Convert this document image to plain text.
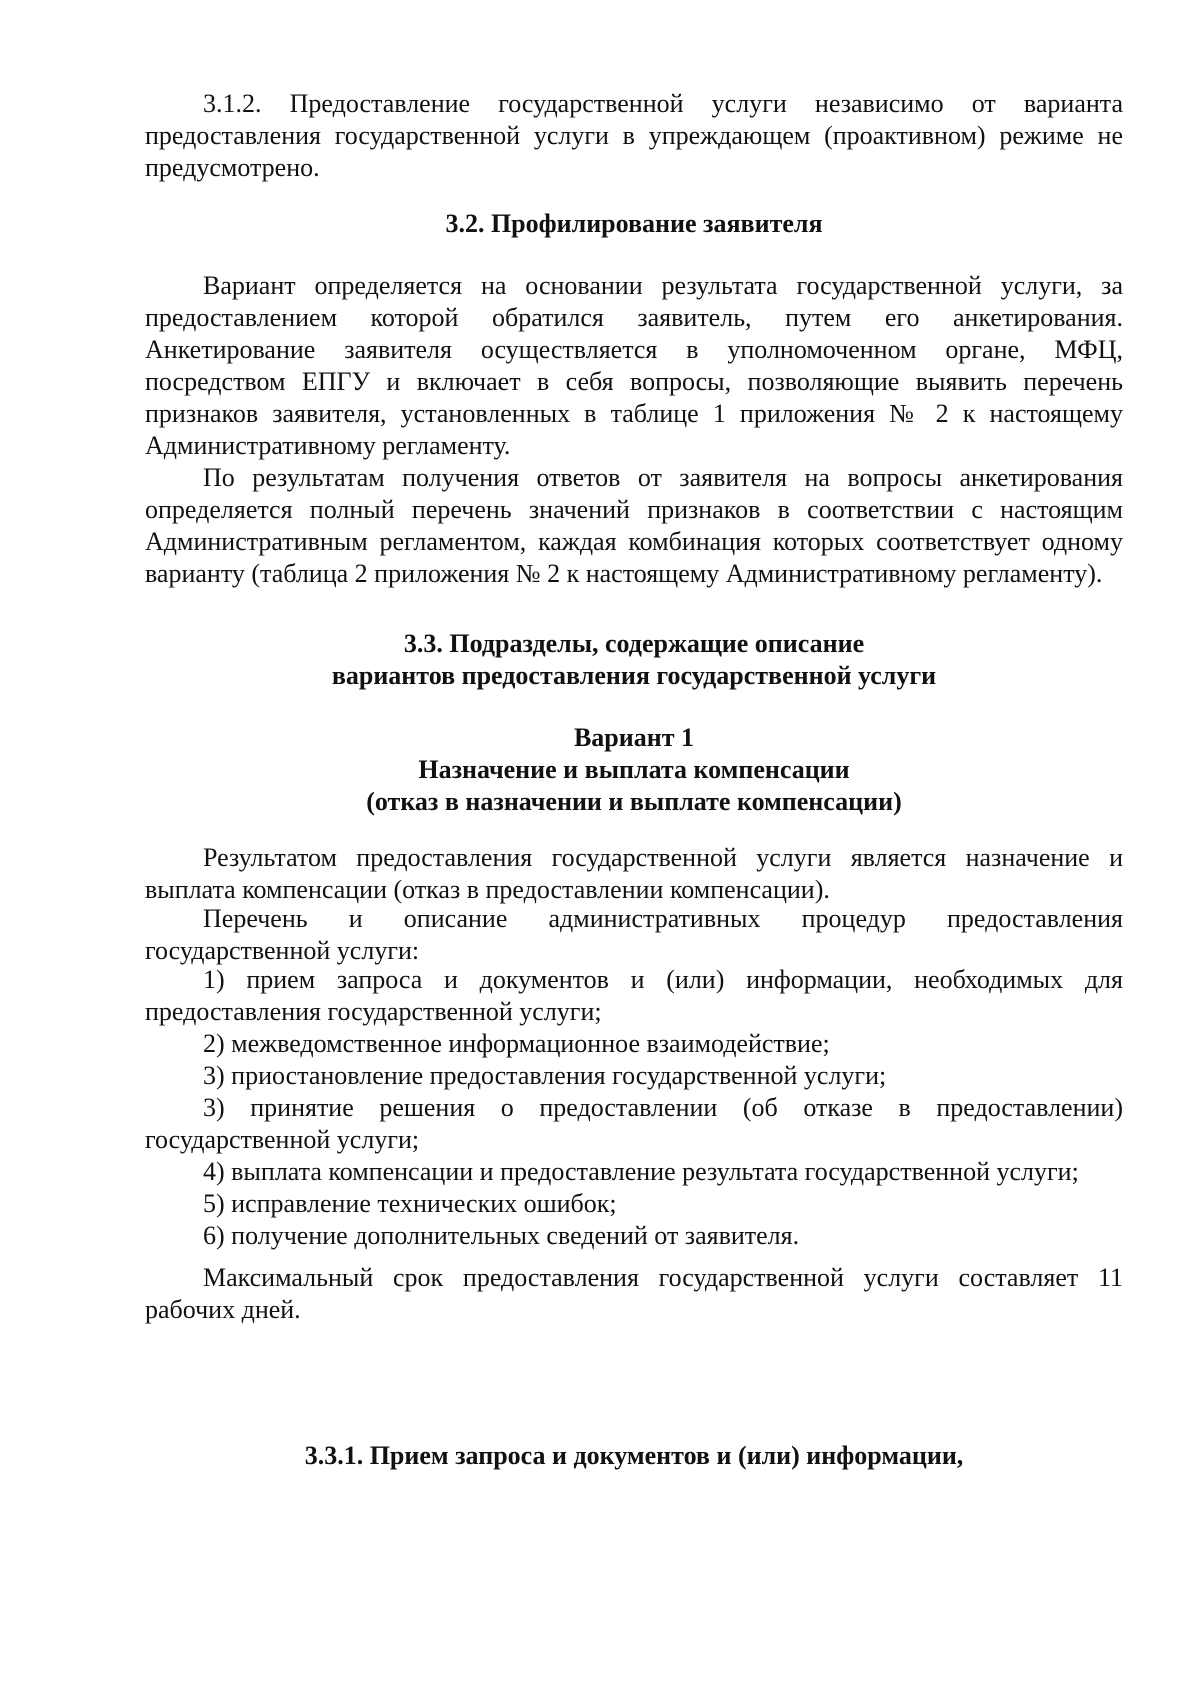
3.1.2. Предоставление государственной услуги независимо от варианта предоставления государственной услуги в упреждающем (проактивном) режиме не предусмотрено.

3.2. Профилирование заявителя

Вариант определяется на основании результата государственной услуги, за предоставлением которой обратился заявитель, путем его анкетирования. Анкетирование заявителя осуществляется в уполномоченном органе, МФЦ, посредством ЕПГУ и включает в себя вопросы, позволяющие выявить перечень признаков заявителя, установленных в таблице 1 приложения № 2 к настоящему Административному регламенту.

По результатам получения ответов от заявителя на вопросы анкетирования определяется полный перечень значений признаков в соответствии с настоящим Административным регламентом, каждая комбинация которых соответствует одному варианту (таблица 2 приложения № 2 к настоящему Административному регламенту).

3.3. Подразделы, содержащие описание
вариантов предоставления государственной услуги
Вариант 1
Назначение и выплата компенсации
(отказ в назначении и выплате компенсации)

Результатом предоставления государственной услуги является назначение и выплата компенсации (отказ в предоставлении компенсации).

Перечень и описание административных процедур предоставления государственной услуги:

1) прием запроса и документов и (или) информации, необходимых для предоставления государственной услуги;
2) межведомственное информационное взаимодействие;
3) приостановление предоставления государственной услуги;
3) принятие решения о предоставлении (об отказе в предоставлении) государственной услуги;
4) выплата компенсации и предоставление результата государственной услуги;
5) исправление технических ошибок;
6) получение дополнительных сведений от заявителя.

Максимальный срок предоставления государственной услуги составляет 11 рабочих дней.

3.3.1. Прием запроса и документов и (или) информации,
